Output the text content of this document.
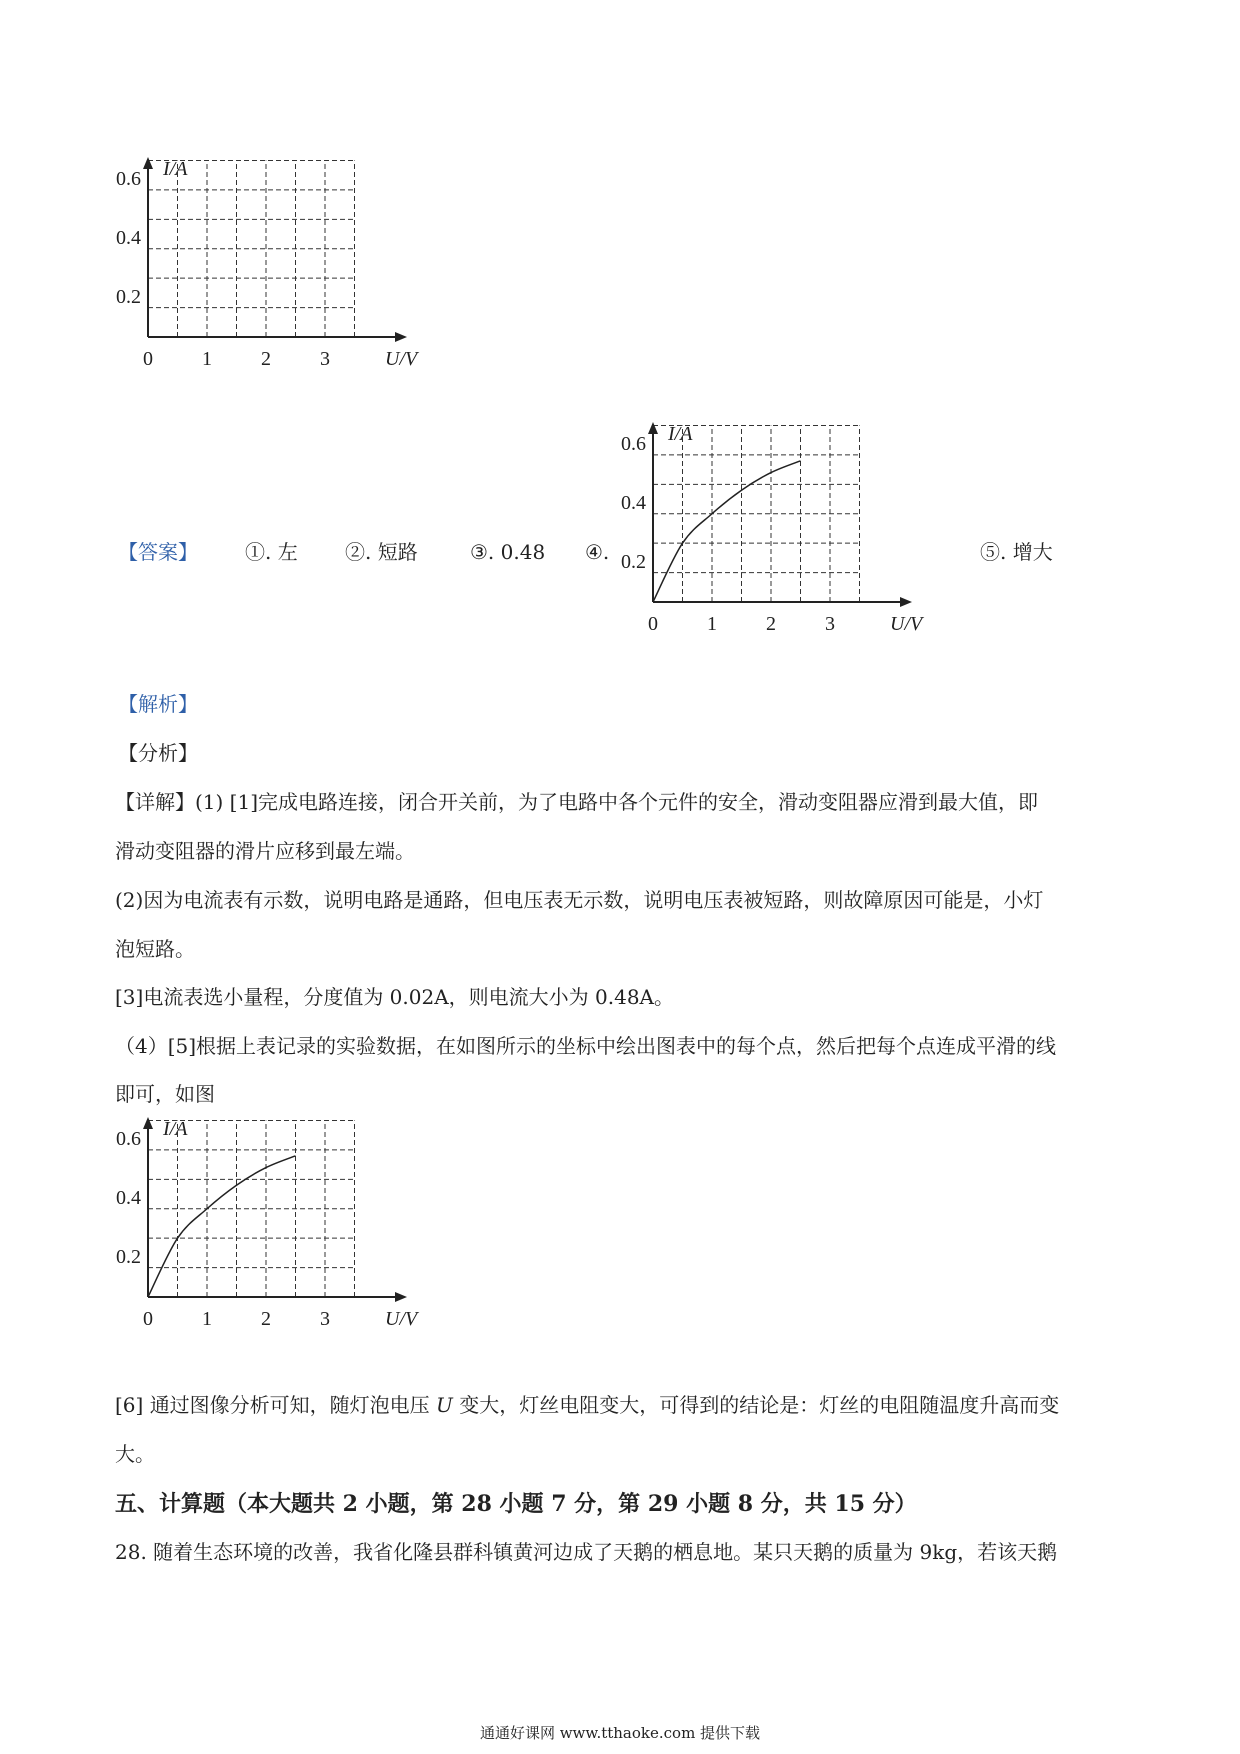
I/A
U/V
0.6
0.4
0.2
0 1 2 3
【答案】 ①. 左 ②. 短路	③. 0.48 ④.	⑤. 增大
I/A
U/V
0.6
0.4
0.2
0 1 2 3
【解析】
【分析】
【详解】(1) [1]完成电路连接，闭合开关前，为了电路中各个元件的安全，滑动变阻器应滑到最大值，即
滑动变阻器的滑片应移到最左端。
(2)因为电流表有示数，说明电路是通路，但电压表无示数，说明电压表被短路，则故障原因可能是，小灯
泡短路。
[3]电流表选小量程，分度值为 0.02A，则电流大小为 0.48A。
（4）[5]根据上表记录的实验数据，在如图所示的坐标中绘出图表中的每个点，然后把每个点连成平滑的线
即可，如图
I/A
U/V
0.6
0.4
0.2
0 1 2 3
[6] 通过图像分析可知，随灯泡电压 U 变大，灯丝电阻变大，可得到的结论是：灯丝的电阻随温度升高而变
大。
五、计算题（本大题共 2 小题，第 28 小题 7 分，第 29 小题 8 分，共 15 分）
28. 随着生态环境的改善，我省化隆县群科镇黄河边成了天鹅的栖息地。某只天鹅的质量为 9kg，若该天鹅
通通好课网 www.tthaoke.com 提供下载
